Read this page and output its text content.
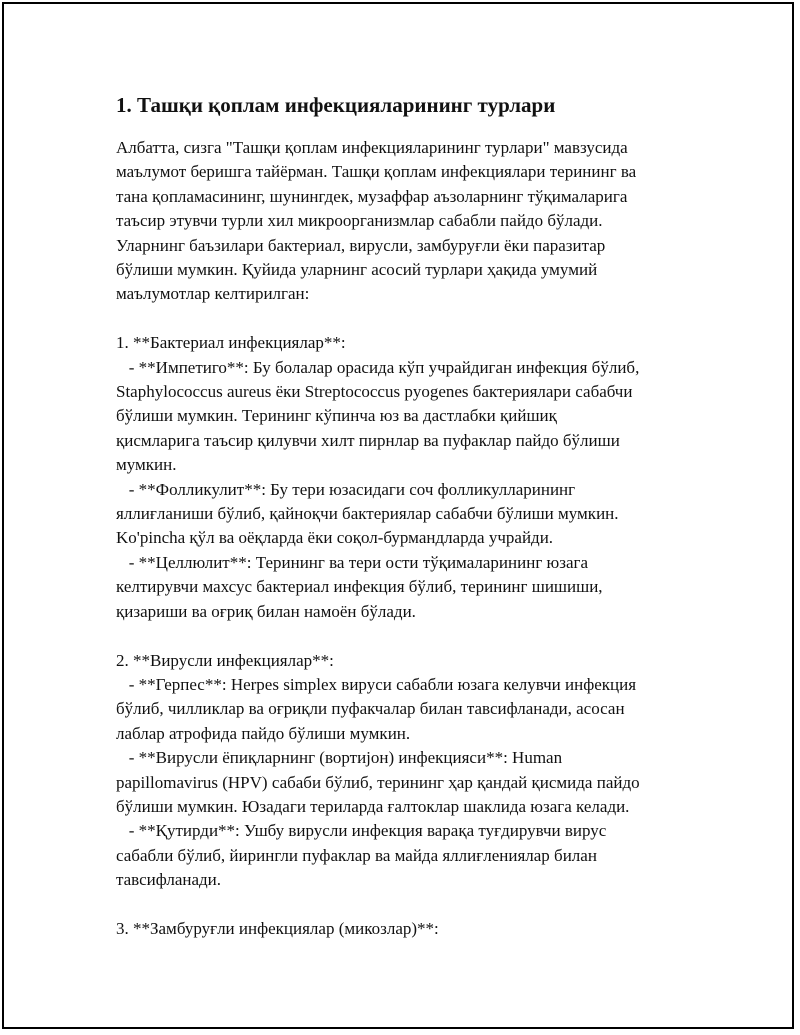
1. Ташқи қоплам инфекцияларининг турлари

Албатта, сизга "Ташқи қоплам инфекцияларининг турлари" мавзусида

маълумот беришга тайёрман. Ташқи қоплам инфекциялари терининг ва

тана қопламасининг, шунингдек, музаффар аъзоларнинг тўқималарига

таъсир этувчи турли хил микроорганизмлар сабабли пайдо бўлади.

Уларнинг баъзилари бактериал, вирусли, замбуруғли ёки паразитар

бўлиши мумкин. Қуйида уларнинг асосий турлари ҳақида умумий

маълумотлар келтирилган:

1. **Бактериал инфекциялар**:

- **Импетиго**: Бу болалар орасида кўп учрайдиган инфекция бўлиб,

Staphylococcus aureus ёки Streptococcus pyogenes бактериялари сабабчи

бўлиши мумкин. Терининг кўпинча юз ва дастлабки қийшиқ

қисмларига таъсир қилувчи хилт пирнлар ва пуфаклар пайдо бўлиши

мумкин.

- **Фолликулит**: Бу тери юзасидаги соч фолликулларининг

яллиғланиши бўлиб, қайноқчи бактериялар сабабчи бўлиши мумкин.

Ko'pincha қўл ва оёқларда ёки соқол-бурмандларда учрайди.

- **Целлюлит**: Терининг ва тери ости тўқималарининг юзага

келтирувчи махсус бактериал инфекция бўлиб, терининг шишиши,

қизариши ва оғриқ билан намоён бўлади.

2. **Вирусли инфекциялар**:

- **Герпес**: Herpes simplex вируси сабабли юзага келувчи инфекция

бўлиб, чилликлар ва оғриқли пуфакчалар билан тавсифланади, асосан

лаблар атрофида пайдо бўлиши мумкин.

- **Вирусли ёпиқларнинг (вортиjон) инфекцияси**: Human

papillomavirus (HPV) сабаби бўлиб, терининг ҳар қандай қисмида пайдо

бўлиши мумкин. Юзадаги териларда ғалтоклар шаклида юзага келади.

- **Қутирди**: Ушбу вирусли инфекция варақа туғдирувчи вирус

сабабли бўлиб, йирингли пуфаклар ва майда яллиғлениялар билан

тавсифланади.

3. **Замбуруғли инфекциялар (микозлар)**:
